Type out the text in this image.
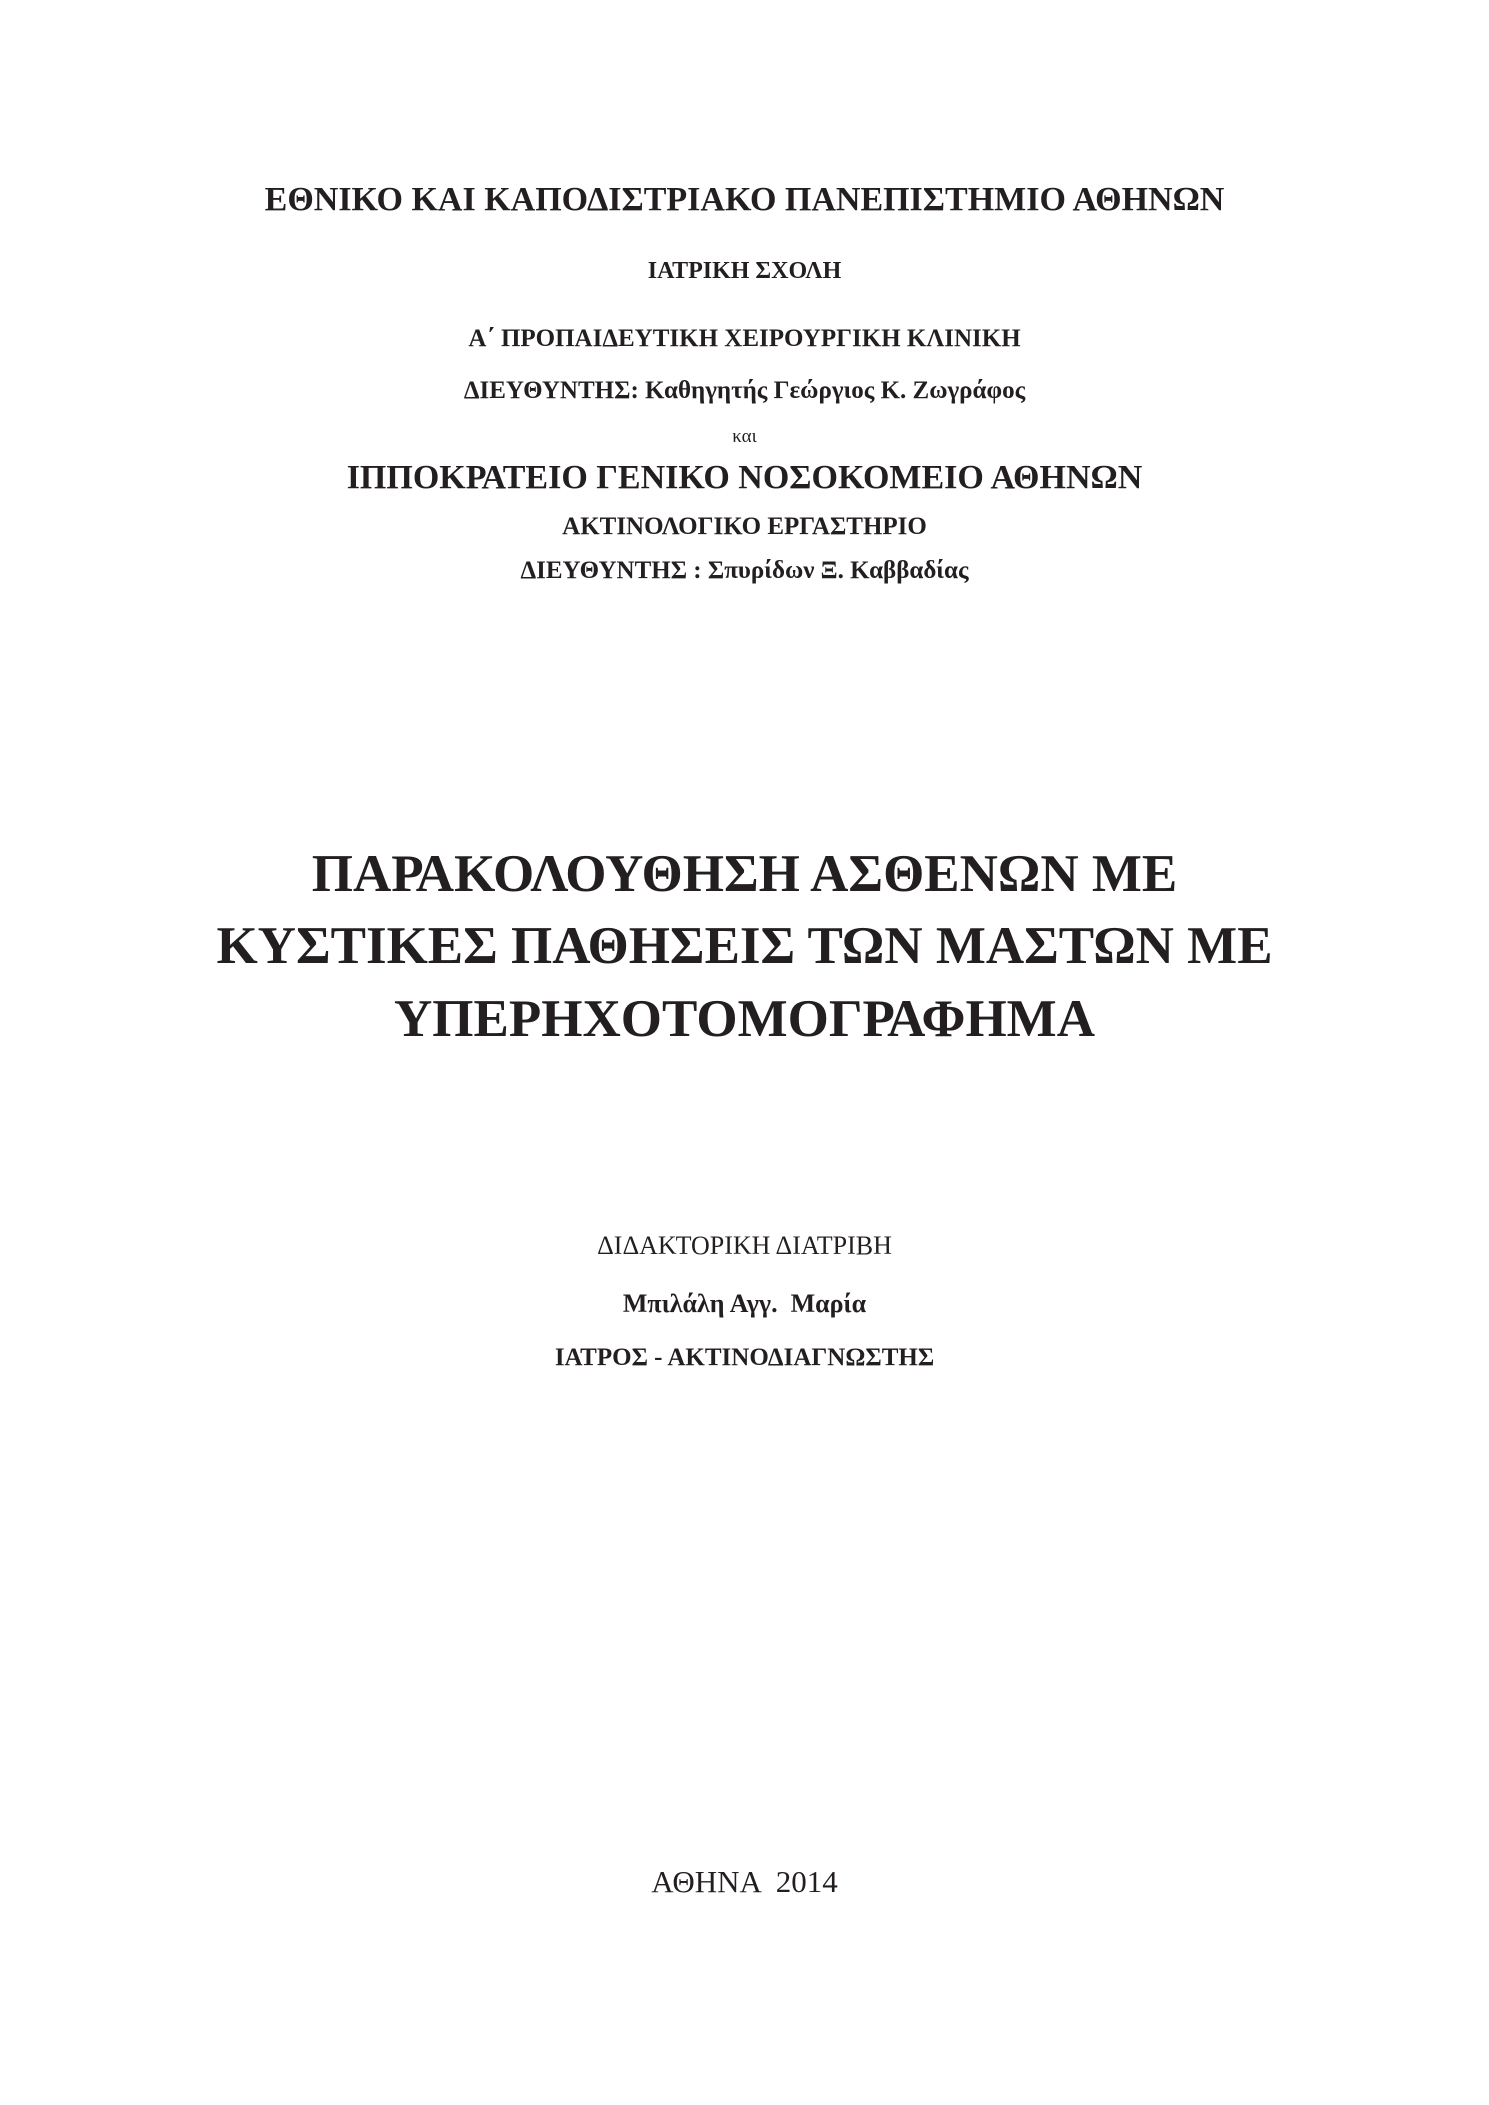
ΕΘΝΙΚΟ ΚΑΙ ΚΑΠΟΔΙΣΤΡΙΑΚΟ ΠΑΝΕΠΙΣΤΗΜΙΟ ΑΘΗΝΩΝ
ΙΑΤΡΙΚΗ ΣΧΟΛΗ
Α΄ ΠΡΟΠΑΙΔΕΥΤΙΚΗ ΧΕΙΡΟΥΡΓΙΚΗ ΚΛΙΝΙΚΗ
ΔΙΕΥΘΥΝΤΗΣ: Καθηγητής Γεώργιος Κ. Ζωγράφος
και
ΙΠΠΟΚΡΑΤΕΙΟ ΓΕΝΙΚΟ ΝΟΣΟΚΟΜΕΙΟ ΑΘΗΝΩΝ
ΑΚΤΙΝΟΛΟΓΙΚΟ ΕΡΓΑΣΤΗΡΙΟ
ΔΙΕΥΘΥΝΤΗΣ : Σπυρίδων Ξ. Καββαδίας
ΠΑΡΑΚΟΛΟΥΘΗΣΗ ΑΣΘΕΝΩΝ ΜΕ
ΚΥΣΤΙΚΕΣ ΠΑΘΗΣΕΙΣ ΤΩΝ ΜΑΣΤΩΝ ΜΕ
ΥΠΕΡΗΧΟΤΟΜΟΓΡΑΦΗΜΑ
ΔΙΔΑΚΤΟΡΙΚΗ ΔΙΑΤΡΙΒΗ
Μπιλάλη Αγγ.  Μαρία
ΙΑΤΡΟΣ - ΑΚΤΙΝΟΔΙΑΓΝΩΣΤΗΣ
ΑΘΗΝΑ  2014
